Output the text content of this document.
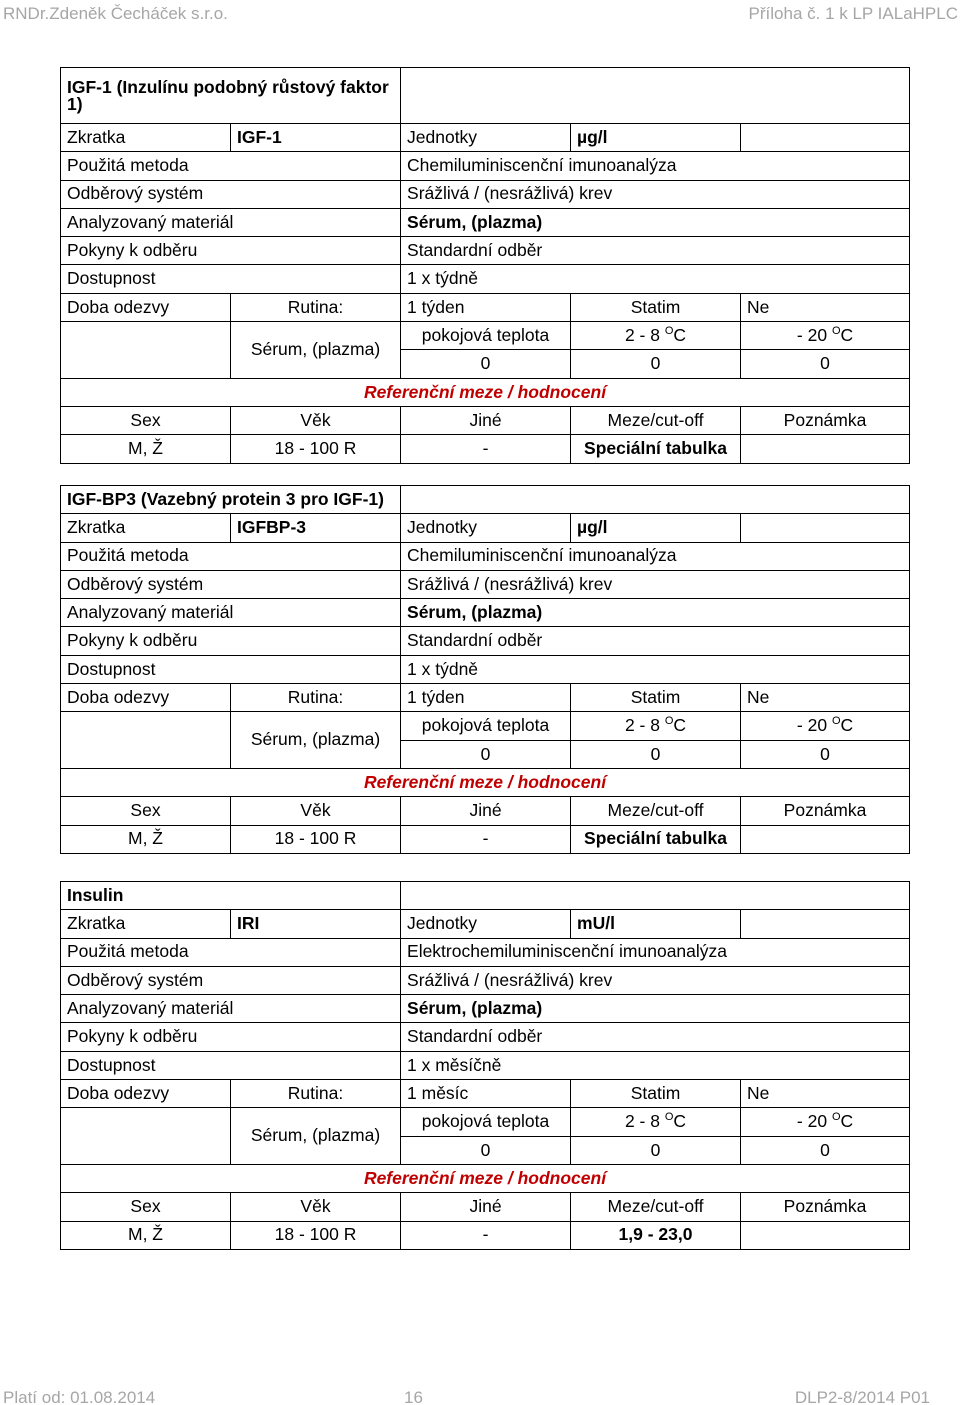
RNDr.Zdeněk Čecháček s.r.o.	Příloha č. 1 k LP IALaHPLC
IGF-1 (Inzulínu podobný růstový faktor 1)				
Zkratka	IGF-1	Jednotky	µg/l	
Použitá metoda		Chemiluminiscenční imunoanalýza		
Odběrový systém		Srážlivá / (nesrážlivá) krev		
Analyzovaný materiál		Sérum, (plazma)		
Pokyny k odběru		Standardní odběr		
Dostupnost		1 x týdně		
Doba odezvy	Rutina:	1 týden	Statim	Ne
	Sérum, (plazma)	pokojová teplota	2 - 8 $^O$C	- 20 $^O$C
		0	0	0
Referenční meze / hodnocení				
Sex	Věk	Jiné	Meze/cut-off	Poznámka
M, Ž	18 - 100 R	-	Speciální tabulka	
IGF-BP3 (Vazebný protein 3 pro IGF-1)				
Zkratka	IGFBP-3	Jednotky	µg/l	
Použitá metoda		Chemiluminiscenční imunoanalýza		
Odběrový systém		Srážlivá / (nesrážlivá) krev		
Analyzovaný materiál		Sérum, (plazma)		
Pokyny k odběru		Standardní odběr		
Dostupnost		1 x týdně		
Doba odezvy	Rutina:	1 týden	Statim	Ne
	Sérum, (plazma)	pokojová teplota	2 - 8 $^O$C	- 20 $^O$C
		0	0	0
Referenční meze / hodnocení				
Sex	Věk	Jiné	Meze/cut-off	Poznámka
M, Ž	18 - 100 R	-	Speciální tabulka	
Insulin				
Zkratka	IRI	Jednotky	mU/l	
Použitá metoda		Elektrochemiluminiscenční imunoanalýza		
Odběrový systém		Srážlivá / (nesrážlivá) krev		
Analyzovaný materiál		Sérum, (plazma)		
Pokyny k odběru		Standardní odběr		
Dostupnost		1 x měsíčně		
Doba odezvy	Rutina:	1 měsíc	Statim	Ne
	Sérum, (plazma)	pokojová teplota	2 - 8 $^O$C	- 20 $^O$C
		0	0	0
Referenční meze / hodnocení				
Sex	Věk	Jiné	Meze/cut-off	Poznámka
M, Ž	18 - 100 R	-	1,9 - 23,0	
Platí od: 01.08.2014	16	DLP2-8/2014 P01
